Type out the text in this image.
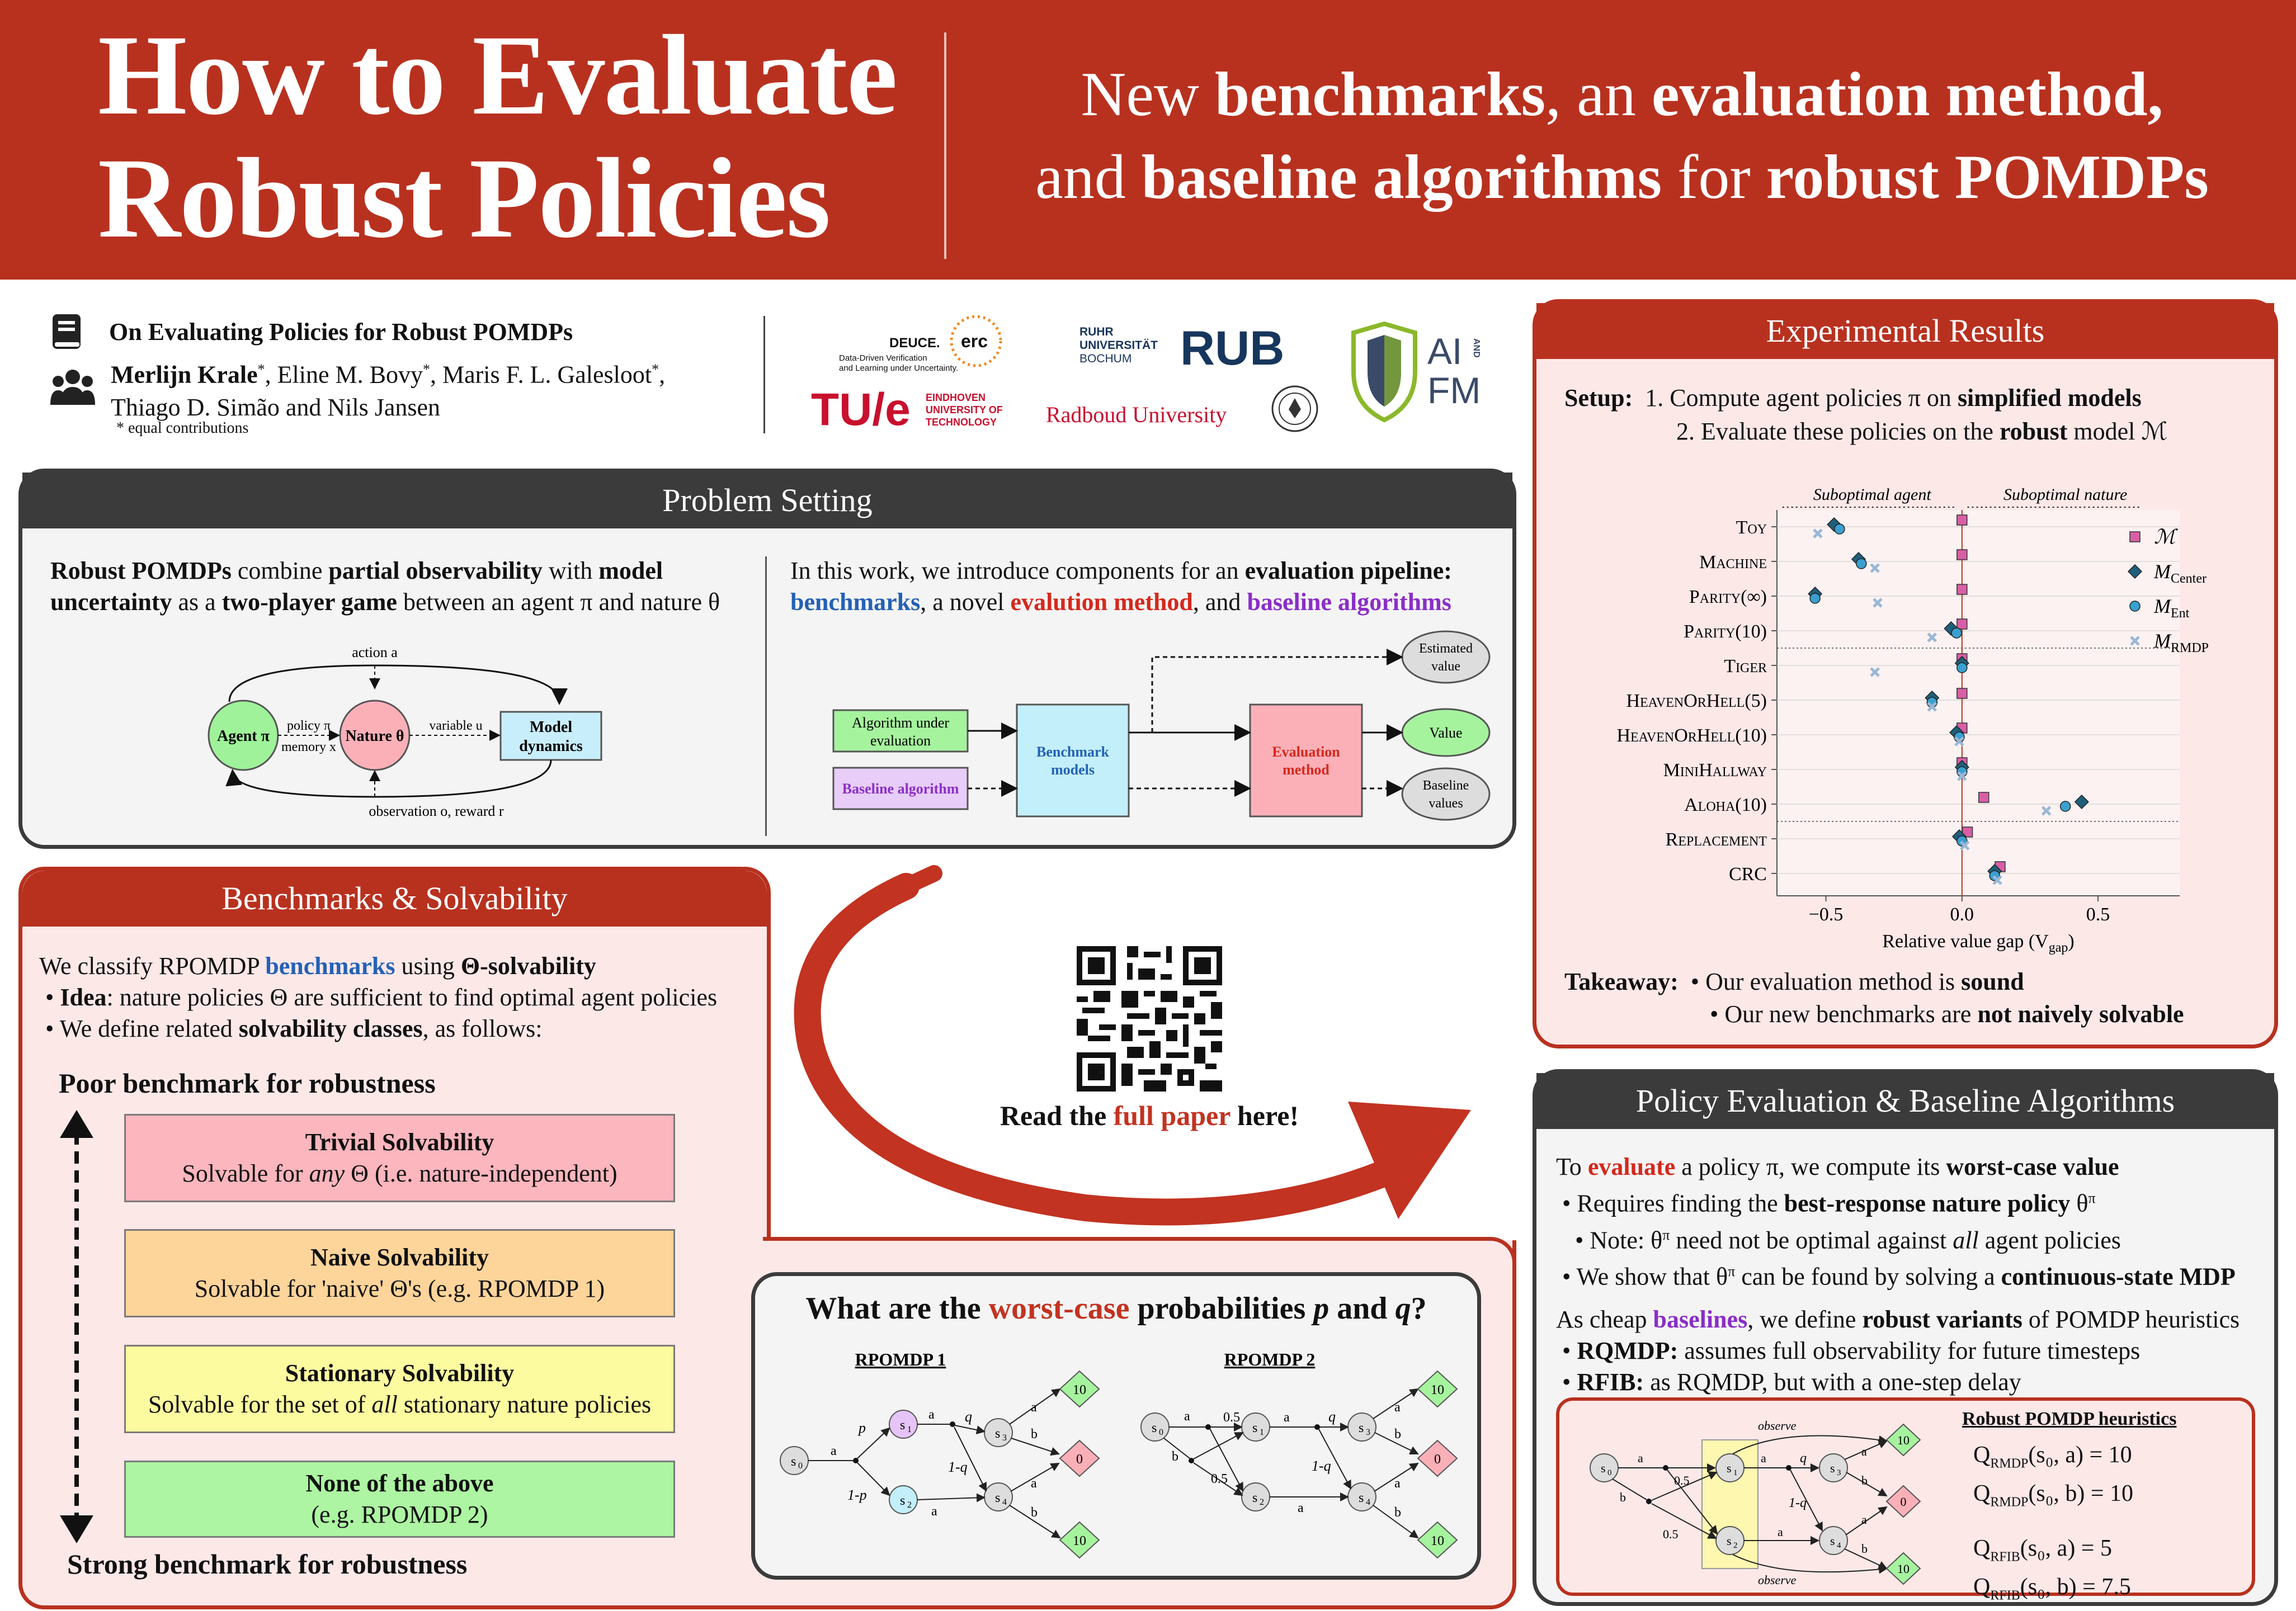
How to Evaluate
Robust Policies
New benchmarks, an evaluation method,
and baseline algorithms for robust POMDPs
On Evaluating Policies for Robust POMDPs
Merlijn Krale*, Eline M. Bovy*, Maris F. L. Galesloot*,
Thiago D. Simão and Nils Jansen
* equal contributions
DEUCE.
Data-Driven Verification
and Learning under Uncertainty.
erc
TU/e EINDHOVEN
UNIVERSITY OF
TECHNOLOGY
RUHR
UNIVERSITÄT
BOCHUM	RUB
Radboud University
AI
FM
AND
Problem Setting
Robust POMDPs combine partial observability with model
uncertainty as a two-player game between an agent π and nature θ
In this work, we introduce components for an evaluation pipeline:
benchmarks, a novel evalution method, and baseline algorithms
action a
Agent π	Nature θ
policy π
memory x
variable u	Model
dynamics
observation o, reward r
Algorithm under
evaluation
Baseline algorithm
Benchmark
models
Evaluation
method
Estimated
value
Value
Baseline
values
Benchmarks & Solvability
We classify RPOMDP benchmarks using Θ-solvability
• Idea: nature policies Θ are sufficient to find optimal agent policies
• We define related solvability classes, as follows:
Poor benchmark for robustness
Strong benchmark for robustness
Trivial Solvability
Solvable for any Θ (i.e. nature-independent)
Naive Solvability
Solvable for 'naive' Θ's (e.g. RPOMDP 1)
Stationary Solvability
Solvable for the set of all stationary nature policies
None of the above
(e.g. RPOMDP 2)
Read the full paper here!
What are the worst-case probabilities p and q?
RPOMDP 1
10
0
10
s 0
s 1
s 2
s 3
s 4
a
p
1-p
a q
1-q
a
a
b
a
b
RPOMDP 2
10
0
10
s 0	s 1
s 2
s 3
s 4
a 0.5
b
0.5
a	q
1-q
a
a
b
a
b
Experimental Results
Setup: 1. Compute agent policies π on simplified models
2. Evaluate these policies on the robust model ℳ
Toy
Machine
Parity(∞)
Parity(10)
Tiger
HeavenOrHell(5)
HeavenOrHell(10)
MiniHallway
Aloha(10)
Replacement
CRC
−0.5	0.0	0.5
Relative value gap $(V_{gap})$
Suboptimal agent	Suboptimal nature
ℳ
$M_{Center}$
$M_{Ent}$
$M_{RMDP}$
Takeaway: • Our evaluation method is sound
• Our new benchmarks are not naively solvable
Policy Evaluation & Baseline Algorithms
To evaluate a policy π, we compute its worst-case value
• Requires finding the best-response nature policy $\theta^\pi$
• Note: $\theta^\pi$ need not be optimal against all agent policies
• We show that $\theta^\pi$ can be found by solving a continuous-state MDP
As cheap baselines, we define robust variants of POMDP heuristics
• RQMDP: assumes full observability for future timesteps
• RFIB: as RQMDP, but with a one-step delay
10
0
10
s 0	s 1
s 2
s 3
s 4
a
0.5
b
0.5
a	q
1-q
a
observe
observe
a
b
a
b
Robust POMDP heuristics
$Q_{RMDP}(s_0$, a) = 10
$Q_{RMDP}(s_0$, b) = 10
$Q_{RFIB}(s_0$, a) = 5
$Q_{RFIB}(s_0$, b) = 7.5
